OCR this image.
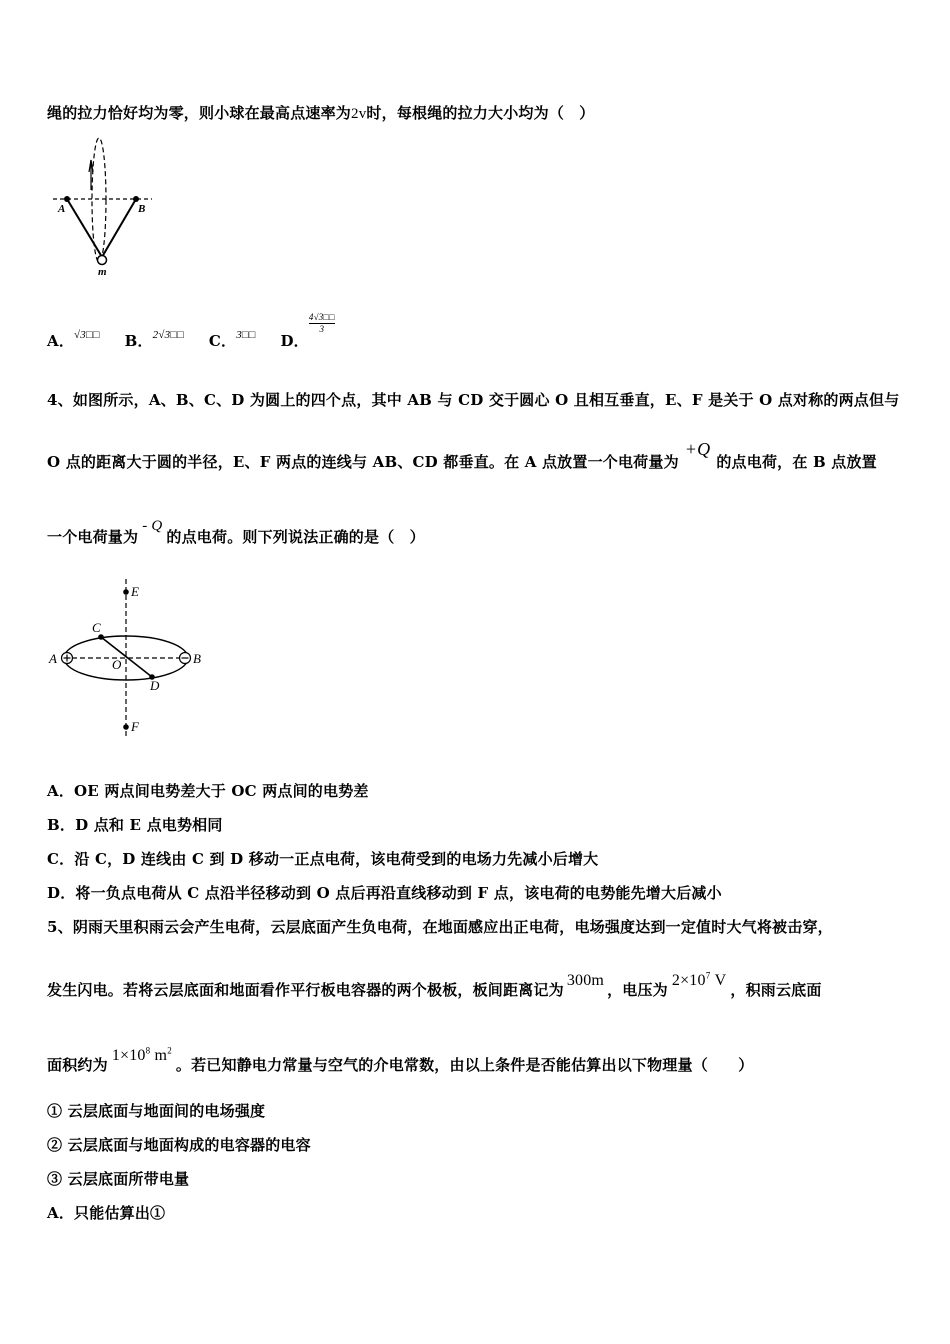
绳的拉力恰好均为零，则小球在最高点速率为2v时，每根绳的拉力大小均为（　）
A	B
m
A．$^{√3□□}$ B．$^{2√3□□}$ C．$^{3□□}$ D．
$\frac{4√3□□}{3}$
4、如图所示，A、B、C、D 为圆上的四个点，其中 AB 与 CD 交于圆心 O 且相互垂直，E、F 是关于 O 点对称的两点但与
O 点的距离大于圆的半径，E、F 两点的连线与 AB、CD 都垂直。在 A 点放置一个电荷量为+Q的点电荷，在 B 点放置
一个电荷量为- Q的点电荷。则下列说法正确的是（　）
A	B
C
D
E
F
O
A．OE 两点间电势差大于 OC 两点间的电势差
B．D 点和 E 点电势相同
C．沿 C，D 连线由 C 到 D 移动一正点电荷，该电荷受到的电场力先减小后增大
D．将一负点电荷从 C 点沿半径移动到 O 点后再沿直线移动到 F 点，该电荷的电势能先增大后减小
5、阴雨天里积雨云会产生电荷，云层底面产生负电荷，在地面感应出正电荷，电场强度达到一定值时大气将被击穿，
发生闪电。若将云层底面和地面看作平行板电容器的两个极板，板间距离记为300m，电压为$2\times 10^7$ V，积雨云底面
面积约为$1\times 10^8$ $m^2$。若已知静电力常量与空气的介电常数，由以上条件是否能估算出以下物理量（　　）
① 云层底面与地面间的电场强度
② 云层底面与地面构成的电容器的电容
③ 云层底面所带电量
A．只能估算出①
